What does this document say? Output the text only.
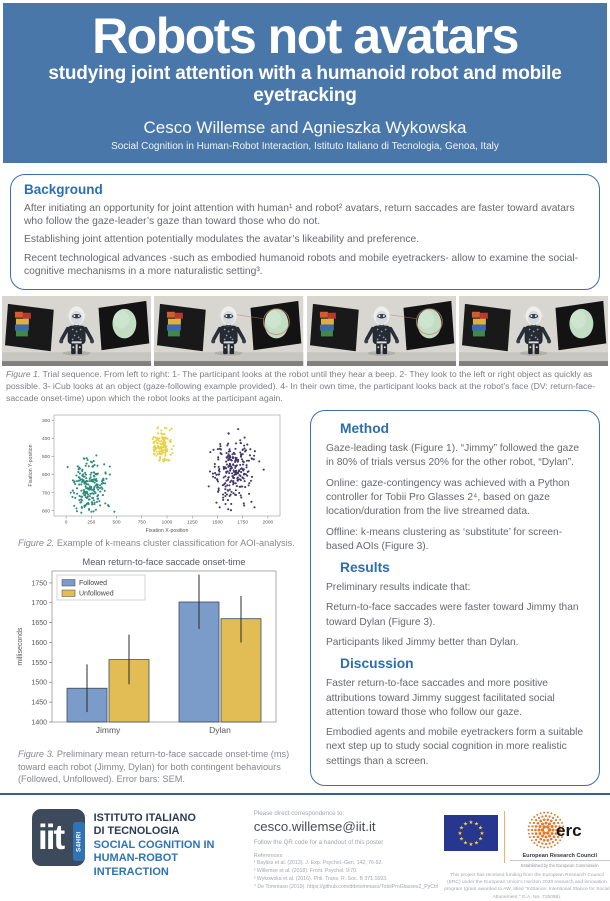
Robots not avatars
studying joint attention with a humanoid robot and mobile eyetracking
Cesco Willemse and Agnieszka Wykowska
Social Cognition in Human-Robot Interaction, Istituto Italiano di Tecnologia, Genoa, Italy
Background

After initiating an opportunity for joint attention with human¹ and robot² avatars, return saccades are faster toward avatars who follow the gaze-leader’s gaze than toward those who do not.

Establishing joint attention potentially modulates the avatar’s likeability and preference.

Recent technological advances -such as embodied humanoid robots and mobile eyetrackers- allow to examine the social-cognitive mechanisms in a more naturalistic setting³.

Figure 1. Trial sequence. From left to right: 1- The participant looks at the robot until they hear a beep. 2- They look to the left or right object as quickly as possible. 3- iCub looks at an object (gaze-following example provided). 4- In their own time, the participant looks back at the robot’s face (DV: return-face-saccade onset-time) upon which the robot looks at the participant again.
0	250	500	750	1000	1250	1500	1750	2000
300
400
500
600
700
800
Fixation X-position
Fixation Y-position
Figure 2. Example of k-means cluster classification for AOI-analysis.
Mean return-to-face saccade onset-time
1400
1450
1500
1550
1600
1650
1700
1750
milliseconds
Jimmy	Dylan
Followed
Unfollowed
Figure 3. Preliminary mean return-to-face saccade onset-time (ms) toward each robot (Jimmy, Dylan) for both contingent behaviours (Followed, Unfollowed). Error bars: SEM.
Method

Gaze-leading task (Figure 1). “Jimmy” followed the gaze in 80% of trials versus 20% for the other robot, “Dylan”.

Online: gaze-contingency was achieved with a Python controller for Tobii Pro Glasses 2⁴, based on gaze location/duration from the live streamed data.

Offline: k-means clustering as ‘substitute’ for screen-based AOIs (Figure 3).

Results

Preliminary results indicate that:

Return-to-face saccades were faster toward Jimmy than toward Dylan (Figure 3).

Participants liked Jimmy better than Dylan.

Discussion

Faster return-to-face saccades and more positive attributions toward Jimmy suggest facilitated social attention toward those who follow our gaze.

Embodied agents and mobile eyetrackers form a suitable next step up to study social cognition in more realistic settings than a screen.

iit	S4HRI
ISTITUTO ITALIANO
DI TECNOLOGIA
SOCIAL COGNITION IN
HUMAN-ROBOT INTERACTION
Please direct correspondence to:
cesco.willemse@iit.it
Follow the QR code for a handout of this poster
References
¹ Bayliss et al. (2013). J. Exp. Psychol.-Gen. 142, 76-92.
² Willemse et al. (2018). Front. Psychol. 9:70.
³ Wykowska et al. (2016). Phil. Trans. R. Soc. B 371:1693.
⁴ De Tommaso (2019). https://github.com/ddetommaso/TobiiProGlasses2_PyCtrl
★ ★
★
★
★
★
★
★
★
★
★
★	erc
European Research Council
Established by the European Commission
This project has received funding from the European Research Council (ERC) under the European Union’s Horizon 2020 research and innovation program (grant awarded to AW, titled “InStance: Intentional Stance for Social Attunement.” G.A. No. 715058).
